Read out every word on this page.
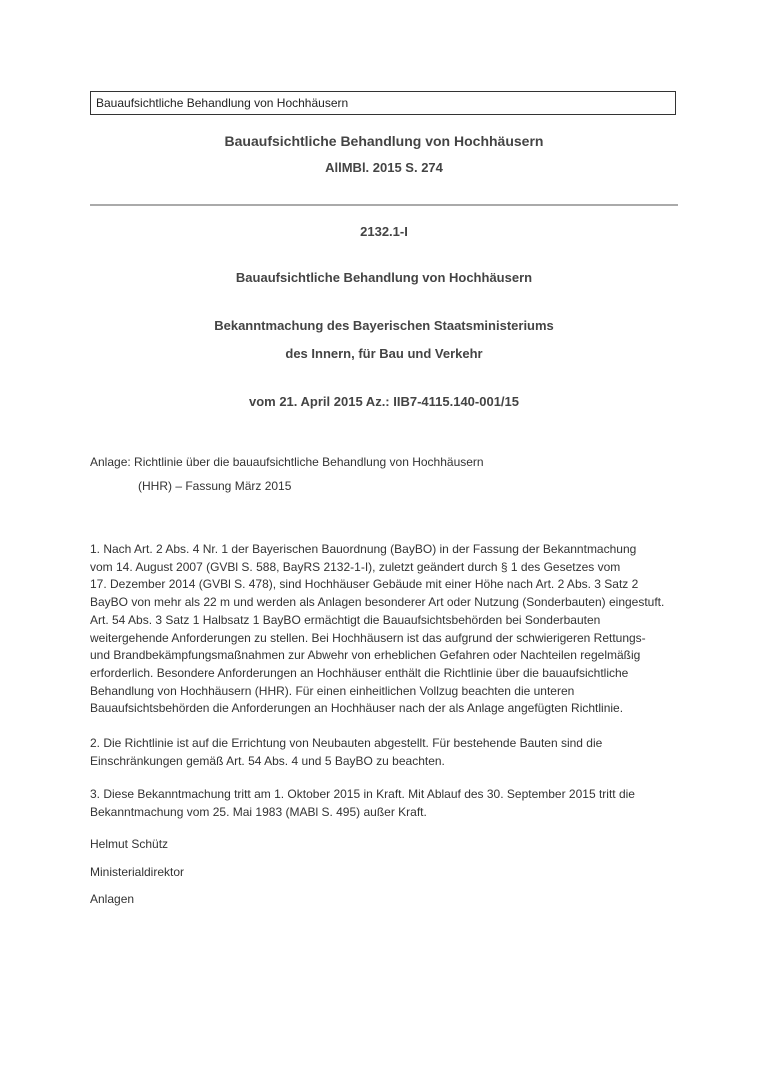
Bauaufsichtliche Behandlung von Hochhäusern
Bauaufsichtliche Behandlung von Hochhäusern
AllMBl. 2015 S. 274
2132.1-I
Bauaufsichtliche Behandlung von Hochhäusern
Bekanntmachung des Bayerischen Staatsministeriums
des Innern, für Bau und Verkehr
vom 21. April 2015 Az.: IIB7-4115.140-001/15
Anlage: Richtlinie über die bauaufsichtliche Behandlung von Hochhäusern
(HHR) – Fassung März 2015
1. Nach Art. 2 Abs. 4 Nr. 1 der Bayerischen Bauordnung (BayBO) in der Fassung der Bekanntmachung
vom 14. August 2007 (GVBl S. 588, BayRS 2132-1-I), zuletzt geändert durch § 1 des Gesetzes vom
17. Dezember 2014 (GVBl S. 478), sind Hochhäuser Gebäude mit einer Höhe nach Art. 2 Abs. 3 Satz 2
BayBO von mehr als 22 m und werden als Anlagen besonderer Art oder Nutzung (Sonderbauten) eingestuft.
Art. 54 Abs. 3 Satz 1 Halbsatz 1 BayBO ermächtigt die Bauaufsichtsbehörden bei Sonderbauten
weitergehende Anforderungen zu stellen. Bei Hochhäusern ist das aufgrund der schwierigeren Rettungs-
und Brandbekämpfungsmaßnahmen zur Abwehr von erheblichen Gefahren oder Nachteilen regelmäßig
erforderlich. Besondere Anforderungen an Hochhäuser enthält die Richtlinie über die bauaufsichtliche
Behandlung von Hochhäusern (HHR). Für einen einheitlichen Vollzug beachten die unteren
Bauaufsichtsbehörden die Anforderungen an Hochhäuser nach der als Anlage angefügten Richtlinie.
2. Die Richtlinie ist auf die Errichtung von Neubauten abgestellt. Für bestehende Bauten sind die
Einschränkungen gemäß Art. 54 Abs. 4 und 5 BayBO zu beachten.
3. Diese Bekanntmachung tritt am 1. Oktober 2015 in Kraft. Mit Ablauf des 30. September 2015 tritt die
Bekanntmachung vom 25. Mai 1983 (MABl S. 495) außer Kraft.
Helmut Schütz
Ministerialdirektor
Anlagen
